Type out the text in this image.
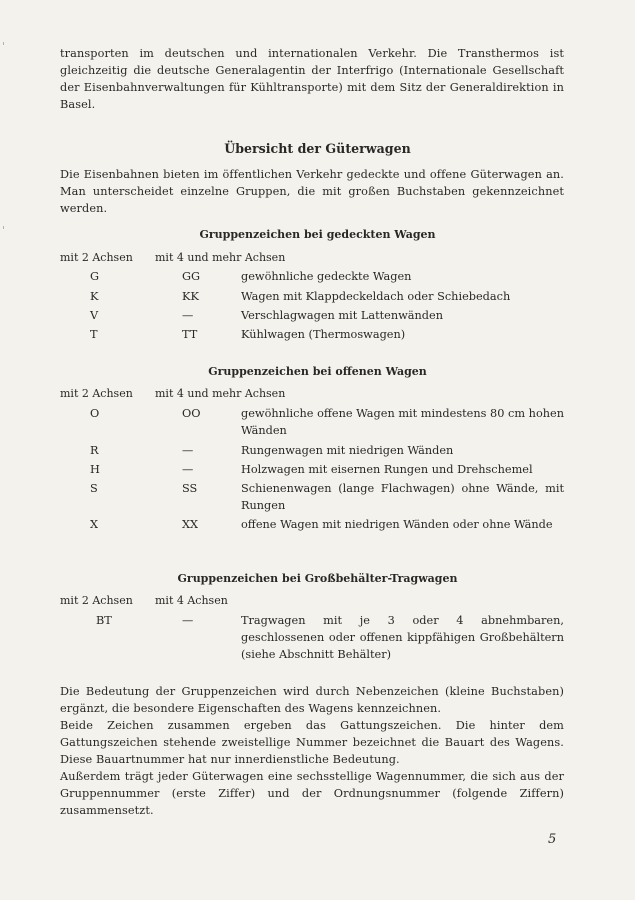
transporten im deutschen und internationalen Verkehr. Die Transthermos ist gleichzeitig die deutsche Generalagentin der Interfrigo (Internationale Gesellschaft der Eisenbahnverwaltungen für Kühltransporte) mit dem Sitz der Generaldirektion in Basel.

Übersicht der Güterwagen

Die Eisenbahnen bieten im öffentlichen Verkehr gedeckte und offene Güterwagen an. Man unterscheidet einzelne Gruppen, die mit großen Buchstaben gekennzeichnet werden.

Gruppenzeichen bei gedeckten Wagen
mit 2 Achsen mit 4 und mehr Achsen
G	GG	gewöhnliche gedeckte Wagen
K	KK	Wagen mit Klappdeckeldach oder Schiebedach
V	—	Verschlagwagen mit Lattenwänden
T	TT	Kühlwagen (Thermoswagen)
Gruppenzeichen bei offenen Wagen
mit 2 Achsen mit 4 und mehr Achsen
O	OO	gewöhnliche offene Wagen mit mindestens 80 cm hohen Wänden
R	—	Rungenwagen mit niedrigen Wänden
H	—	Holzwagen mit eisernen Rungen und Drehschemel
S	SS	Schienenwagen (lange Flachwagen) ohne Wände, mit Rungen
X	XX	offene Wagen mit niedrigen Wänden oder ohne Wände
Gruppenzeichen bei Großbehälter-Tragwagen
mit 2 Achsen mit 4 Achsen
BT	—	Tragwagen mit je 3 oder 4 abnehmbaren, geschlossenen oder offenen kippfähigen Großbehältern (siehe Abschnitt Behälter)

Die Bedeutung der Gruppenzeichen wird durch Nebenzeichen (kleine Buchstaben) ergänzt, die besondere Eigenschaften des Wagens kennzeichnen.

Beide Zeichen zusammen ergeben das Gattungszeichen. Die hinter dem Gattungszeichen stehende zweistellige Nummer bezeichnet die Bauart des Wagens. Diese Bauartnummer hat nur innerdienstliche Bedeutung.

Außerdem trägt jeder Güterwagen eine sechsstellige Wagennummer, die sich aus der Gruppennummer (erste Ziffer) und der Ordnungsnummer (folgende Ziffern) zusammensetzt.

5
